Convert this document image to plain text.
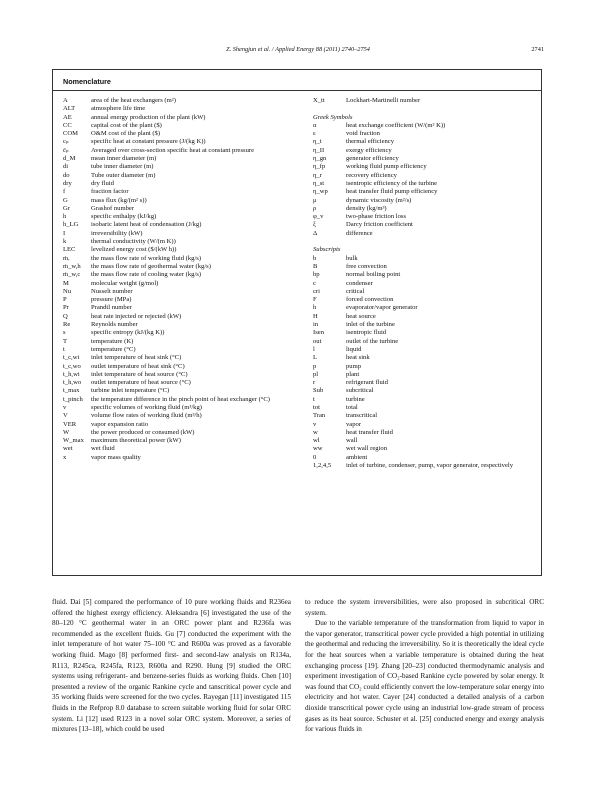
Z. Shengjun et al. / Applied Energy 88 (2011) 2740–2754	2741
Nomenclature
A	area of the heat exchangers (m²)
ALT	atmosphere life time
AE	annual energy production of the plant (kW)
CC	capital cost of the plant ($)
COM	O&M cost of the plant ($)
cₚ	specific heat at constant pressure (J/(kg K))
c̄ₚ	Averaged over cross-section specific heat at constant pressure
d_M	mean inner diameter (m)
di	tube inner diameter (m)
do	Tube outer diameter (m)
dry	dry fluid
f	fraction factor
G	mass flux (kg/(m² s))
Gr	Grashof number
h	specific enthalpy (kJ/kg)
h_LG	isobaric latent heat of condensation (J/kg)
I	irreversibility (kW)
k	thermal conductivity (W/(m K))
LEC	levelized energy cost ($/(kW h))
ṁᵣ	the mass flow rate of working fluid (kg/s)
ṁ_w,h	the mass flow rate of geothermal water (kg/s)
ṁ_w,c	the mass flow rate of cooling water (kg/s)
M	molecular weight (g/mol)
Nu	Nusselt number
P	pressure (MPa)
Pr	Prandtl number
Q	heat rate injected or rejected (kW)
Re	Reynolds number
s	specific entropy (kJ/(kg K))
T	temperature (K)
t	temperature (°C)
t_c,wi	inlet temperature of heat sink (°C)
t_c,wo	outlet temperature of heat sink (°C)
t_h,wi	inlet temperature of heat source (°C)
t_h,wo	outlet temperature of heat source (°C)
t_max	turbine inlet temperature (°C)
t_pinch	the temperature difference in the pinch point of heat exchanger (°C)
v	specific volumes of working fluid (m³/kg)
V	volume flow rates of working fluid (m³/h)
VER	vapor expansion ratio
W	the power produced or consumed (kW)
W_max	maximum theoretical power (kW)
wet	wet fluid
x	vapor mass quality
X_tt	Lockhart-Martinelli number
Greek Symbols
α	heat exchange coefficient (W/(m² K))
ε	void fraction
η_t	thermal efficiency
η_II	exergy efficiency
η_gn	generator efficiency
η_fp	working fluid pump efficiency
η_r	recovery efficiency
η_st	isentropic efficiency of the turbine
η_wp	heat transfer fluid pump efficiency
μ	dynamic viscosity (m²/s)
ρ	density (kg/m³)
φ_v	two-phase friction loss
ξ	Darcy friction coefficient
Δ	difference
Subscripts
b	bulk
B	free convection
bp	normal boiling point
c	condenser
cri	critical
F	forced convection
h	evaporator/vapor generator
H	heat source
in	inlet of the turbine
Isen	isentropic fluid
out	outlet of the turbine
l	liquid
L	heat sink
p	pump
pl	plant
r	refrigerant fluid
Sub	subcritical
t	turbine
tot	total
Tran	transcritical
v	vapor
w	heat transfer fluid
wl	wall
ww	wet wall region
0	ambient
1,2,4,5	inlet of turbine, condenser, pump, vapor generator, respectively

fluid. Dai [5] compared the performance of 10 pure working fluids and R236ea offered the highest exergy efficiency. Aleksandra [6] investigated the use of the 80–120 °C geothermal water in an ORC power plant and R236fa was recommended as the excellent fluids. Gu [7] conducted the experiment with the inlet temperature of hot water 75–100 °C and R600a was proved as a favorable working fluid. Mago [8] performed first- and second-law analysis on R134a, R113, R245ca, R245fa, R123, R600a and R290. Hung [9] studied the ORC systems using refrigerant- and benzene-series fluids as working fluids. Chen [10] presented a review of the organic Rankine cycle and tanscritical power cycle and 35 working fluids were screened for the two cycles. Rayegan [11] investigated 115 fluids in the Refprop 8.0 database to screen suitable working fluid for solar ORC system. Li [12] used R123 in a novel solar ORC system. Moreover, a series of mixtures [13–18], which could be used

to reduce the system irreversibilities, were also proposed in subcritical ORC system.

Due to the variable temperature of the transformation from liquid to vapor in the vapor generator, transcritical power cycle provided a high potential in utilizing the geothermal and reducing the irreversibility. So it is theoretically the ideal cycle for the heat sources when a variable temperature is obtained during the heat exchanging process [19]. Zhang [20–23] conducted thermodynamic analysis and experiment investigation of CO₂-based Rankine cycle powered by solar energy. It was found that CO₂ could efficiently convert the low-temperature solar energy into electricity and hot water. Cayer [24] conducted a detailed analysis of a carbon dioxide transcritical power cycle using an industrial low-grade stream of process gases as its heat source. Schuster et al. [25] conducted energy and exergy analysis for various fluids in
